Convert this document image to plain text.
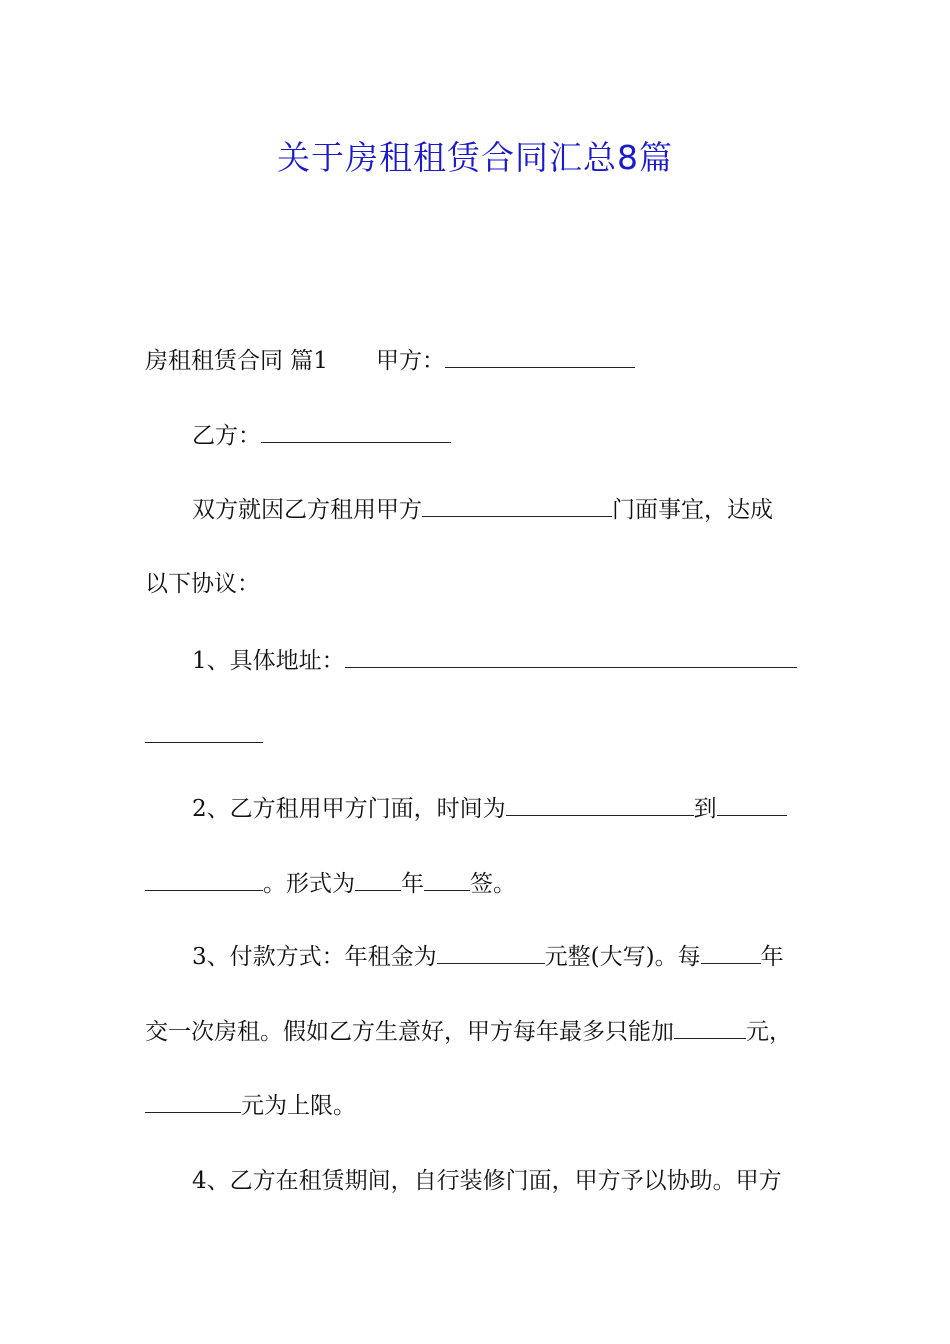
关于房租租赁合同汇总8篇
房租租赁合同 篇1 甲方：
乙方：
双方就因乙方租用甲方	门面事宜，达成
以下协议：
1、具体地址：
2、乙方租用甲方门面，时间为	到
。形式为 年 签。
3、付款方式：年租金为	元整(大写)。每	年
交一次房租。假如乙方生意好，甲方每年最多只能加	元，
元为上限。
4、乙方在租赁期间，自行装修门面，甲方予以协助。甲方
